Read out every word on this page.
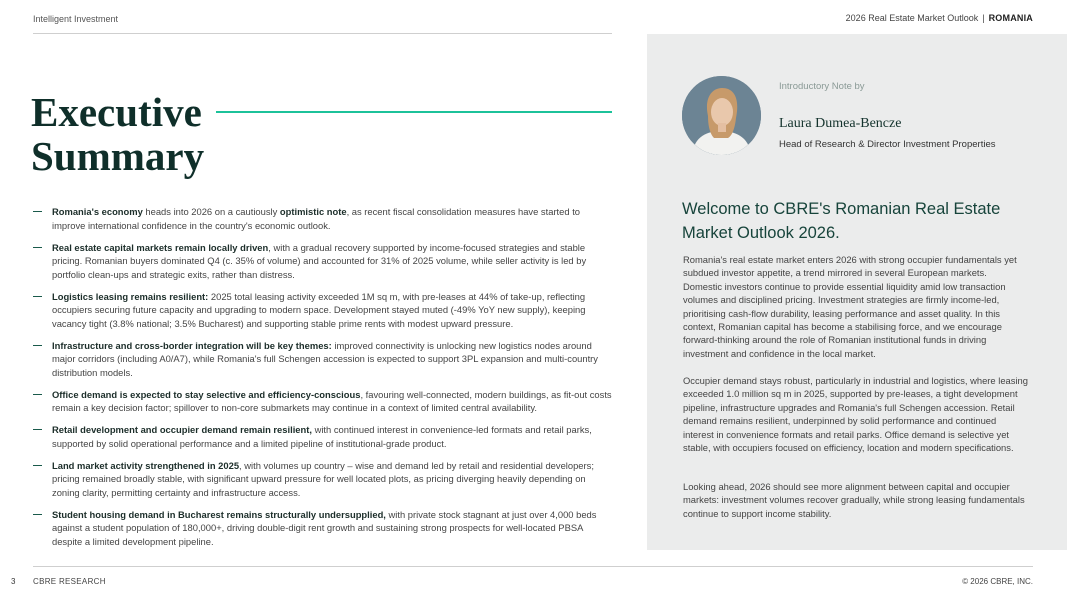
Intelligent Investment	2026 Real Estate Market Outlook | ROMANIA
Executive
Summary
Romania's economy heads into 2026 on a cautiously optimistic note, as recent fiscal consolidation measures have started to improve international confidence in the country's economic outlook.
Real estate capital markets remain locally driven, with a gradual recovery supported by income-focused strategies and stable pricing. Romanian buyers dominated Q4 (c. 35% of volume) and accounted for 31% of 2025 volume, while seller activity is led by portfolio clean-ups and strategic exits, rather than distress.
Logistics leasing remains resilient: 2025 total leasing activity exceeded 1M sq m, with pre-leases at 44% of take-up, reflecting occupiers securing future capacity and upgrading to modern space. Development stayed muted (-49% YoY new supply), keeping vacancy tight (3.8% national; 3.5% Bucharest) and supporting stable prime rents with modest upward pressure.
Infrastructure and cross-border integration will be key themes: improved connectivity is unlocking new logistics nodes around major corridors (including A0/A7), while Romania's full Schengen accession is expected to support 3PL expansion and multi-country distribution models.
Office demand is expected to stay selective and efficiency-conscious, favouring well-connected, modern buildings, as fit-out costs remain a key decision factor; spillover to non-core submarkets may continue in a context of limited central availability.
Retail development and occupier demand remain resilient, with continued interest in convenience-led formats and retail parks, supported by solid operational performance and a limited pipeline of institutional-grade product.
Land market activity strengthened in 2025, with volumes up country – wise and demand led by retail and residential developers; pricing remained broadly stable, with significant upward pressure for well located plots, as pricing diverging heavily depending on zoning clarity, permitting certainty and infrastructure access.
Student housing demand in Bucharest remains structurally undersupplied, with private stock stagnant at just over 4,000 beds against a student population of 180,000+, driving double-digit rent growth and sustaining strong prospects for well-located PBSA despite a limited development pipeline.
Introductory Note by
Laura Dumea-Bencze
Head of Research & Director Investment Properties
Welcome to CBRE's Romanian Real Estate Market Outlook 2026.

Romania's real estate market enters 2026 with strong occupier fundamentals yet subdued investor appetite, a trend mirrored in several European markets. Domestic investors continue to provide essential liquidity amid low transaction volumes and disciplined pricing. Investment strategies are firmly income-led, prioritising cash-flow durability, leasing performance and asset quality. In this context, Romanian capital has become a stabilising force, and we encourage forward-thinking around the role of Romanian institutional funds in driving investment and confidence in the local market.

Occupier demand stays robust, particularly in industrial and logistics, where leasing exceeded 1.0 million sq m in 2025, supported by pre-leases, a tight development pipeline, infrastructure upgrades and Romania's full Schengen accession. Retail demand remains resilient, underpinned by solid performance and continued interest in convenience formats and retail parks. Office demand is selective yet stable, with occupiers focused on efficiency, location and modern specifications.

Looking ahead, 2026 should see more alignment between capital and occupier markets: investment volumes recover gradually, while strong leasing fundamentals continue to support income stability.

3 CBRE RESEARCH	© 2026 CBRE, INC.
